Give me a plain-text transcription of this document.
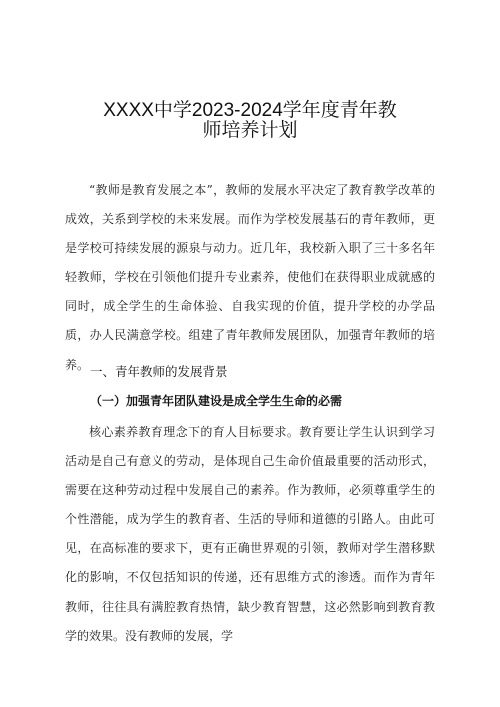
XXXX中学2023-2024学年度青年教
师培养计划

“教师是教育发展之本”，教师的发展水平决定了教育教学改革的成效，关系到学校的未来发展。而作为学校发展基石的青年教师，更是学校可持续发展的源泉与动力。近几年，我校新入职了三十多名年轻教师，学校在引领他们提升专业素养，使他们在获得职业成就感的同时，成全学生的生命体验、自我实现的价值，提升学校的办学品质，办人民满意学校。组建了青年教师发展团队，加强青年教师的培养。

核心素养教育理念下的育人目标要求。教育要让学生认识到学习活动是自己有意义的劳动，是体现自己生命价值最重要的活动形式，需要在这种劳动过程中发展自己的素养。作为教师，必须尊重学生的个性潜能，成为学生的教育者、生活的导师和道德的引路人。由此可见，在高标准的要求下，更有正确世界观的引领，教师对学生潜移默化的影响，不仅包括知识的传递，还有思维方式的渗透。而作为青年教师，往往具有满腔教育热情，缺少教育智慧，这必然影响到教育教学的效果。没有教师的发展，学

一、青年教师的发展背景
（一）加强青年团队建设是成全学生生命的必需
